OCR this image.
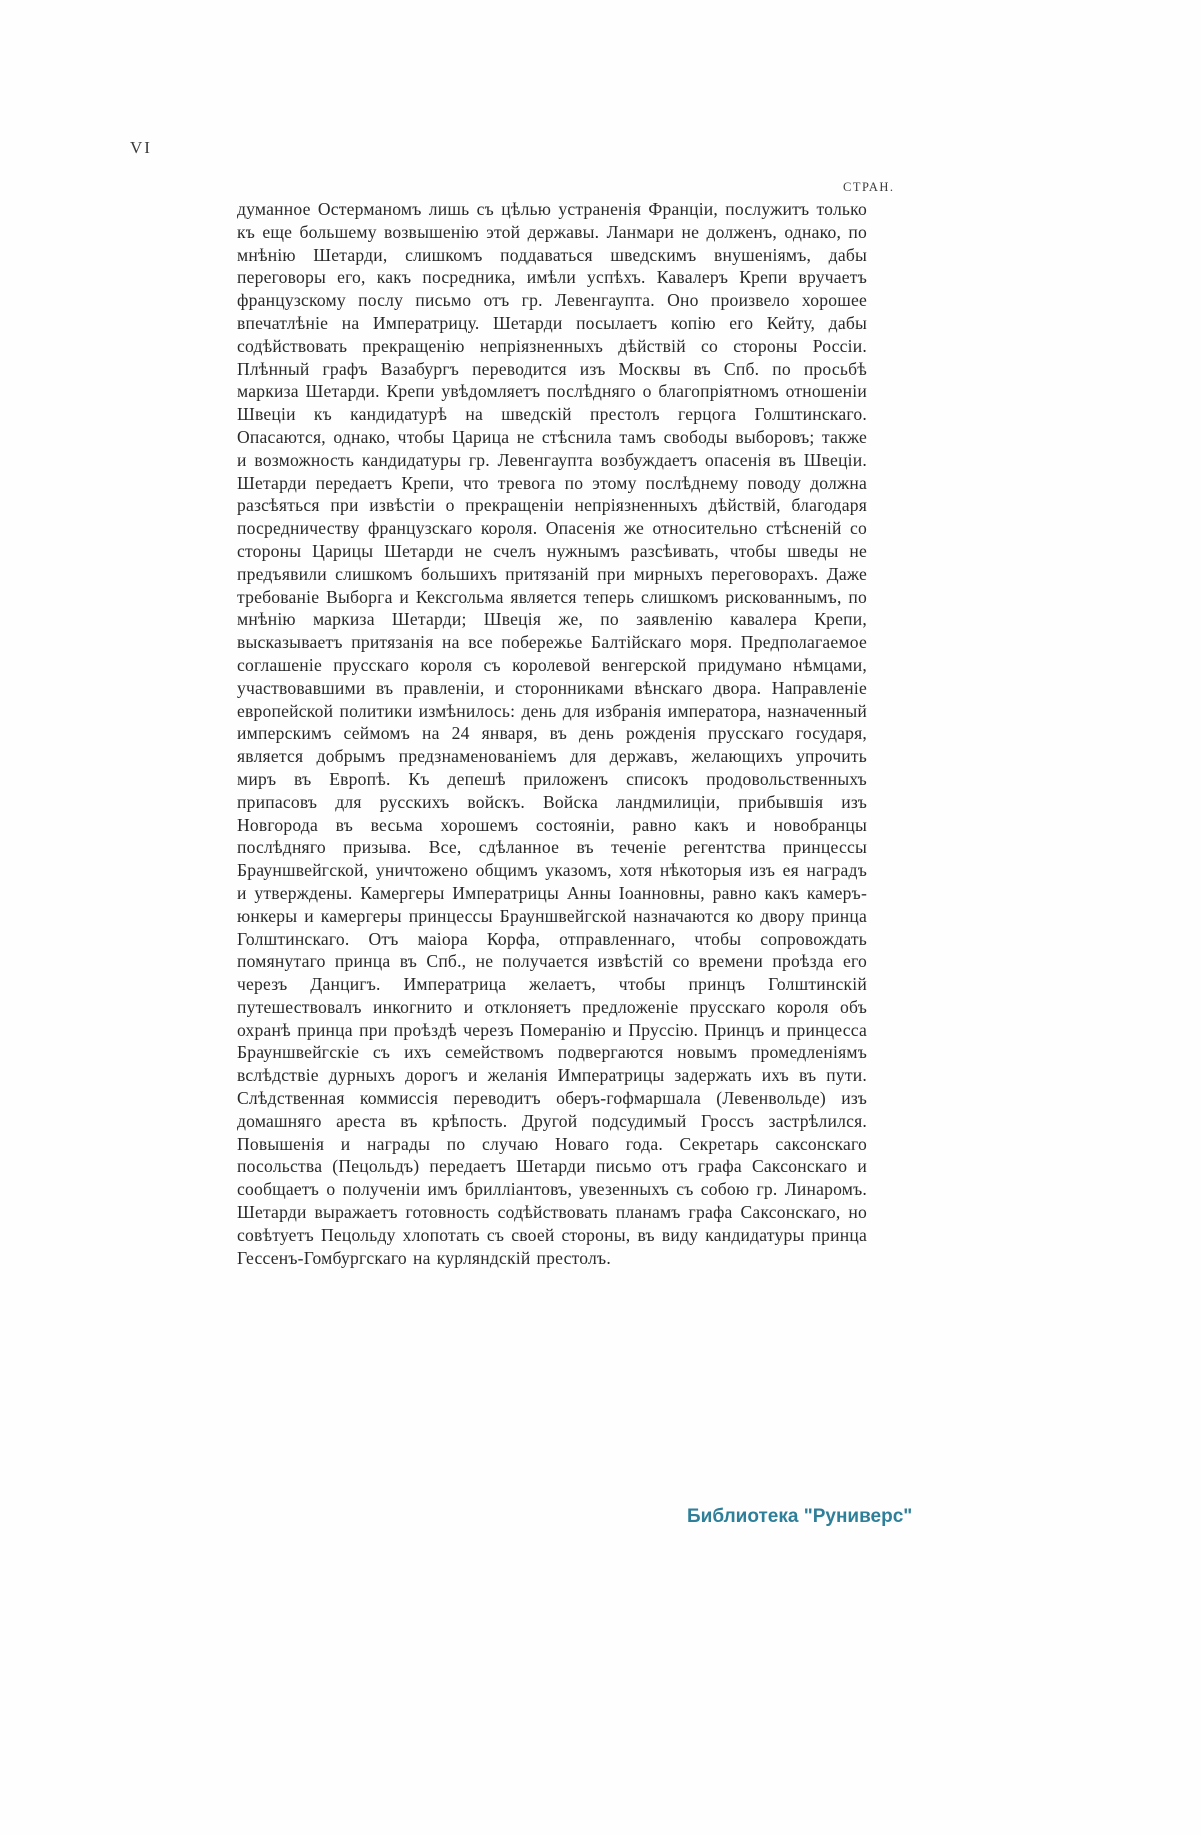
VI
СТРАН.

думанное Остерманомъ лишь съ цѣлью устраненія Франціи, послужитъ только къ еще большему возвышенію этой державы. Ланмари не долженъ, однако, по мнѣнію Шетарди, слишкомъ поддаваться шведскимъ внушеніямъ, дабы переговоры его, какъ посредника, имѣли успѣхъ. Кавалеръ Крепи вручаетъ французскому послу письмо отъ гр. Левенгаупта. Оно произвело хорошее впечатлѣніе на Императрицу. Шетарди посылаетъ копію его Кейту, дабы содѣйствовать прекращенію непріязненныхъ дѣйствій со стороны Россіи. Плѣнный графъ Вазабургъ переводится изъ Москвы въ Спб. по просьбѣ маркиза Шетарди. Крепи увѣдомляетъ послѣдняго о благопріятномъ отношеніи Швеціи къ кандидатурѣ на шведскій престолъ герцога Голштинскаго. Опасаются, однако, чтобы Царица не стѣснила тамъ свободы выборовъ; также и возможность кандидатуры гр. Левенгаупта возбуждаетъ опасенія въ Швеціи. Шетарди передаетъ Крепи, что тревога по этому послѣднему поводу должна разсѣяться при извѣстіи о прекращеніи непріязненныхъ дѣйствій, благодаря посредничеству французскаго короля. Опасенія же относительно стѣсненій со стороны Царицы Шетарди не счелъ нужнымъ разсѣивать, чтобы шведы не предъявили слишкомъ большихъ притязаній при мирныхъ переговорахъ. Даже требованіе Выборга и Кексгольма является теперь слишкомъ рискованнымъ, по мнѣнію маркиза Шетарди; Швеція же, по заявленію кавалера Крепи, высказываетъ притязанія на все побережье Балтійскаго моря. Предполагаемое соглашеніе прусскаго короля съ королевой венгерской придумано нѣмцами, участвовавшими въ правленіи, и сторонниками вѣнскаго двора. Направленіе европейской политики измѣнилось: день для избранія императора, назначенный имперскимъ сеймомъ на 24 января, въ день рожденія прусскаго государя, является добрымъ предзнаменованіемъ для державъ, желающихъ упрочить миръ въ Европѣ. Къ депешѣ приложенъ списокъ продовольственныхъ припасовъ для русскихъ войскъ. Войска ландмилиціи, прибывшія изъ Новгорода въ весьма хорошемъ состояніи, равно какъ и новобранцы послѣдняго призыва. Все, сдѣланное въ теченіе регентства принцессы Брауншвейгской, уничтожено общимъ указомъ, хотя нѣкоторыя изъ ея наградъ и утверждены. Камергеры Императрицы Анны Іоанновны, равно какъ камеръ-юнкеры и камергеры принцессы Брауншвейгской назначаются ко двору принца Голштинскаго. Отъ маіора Корфа, отправленнаго, чтобы сопровождать помянутаго принца въ Спб., не получается извѣстій со времени проѣзда его черезъ Данцигъ. Императрица желаетъ, чтобы принцъ Голштинскій путешествовалъ инкогнито и отклоняетъ предложеніе прусскаго короля объ охранѣ принца при проѣздѣ черезъ Померанію и Пруссію. Принцъ и принцесса Брауншвейгскіе съ ихъ семействомъ подвергаются новымъ промедленіямъ вслѣдствіе дурныхъ дорогъ и желанія Императрицы задержать ихъ въ пути. Слѣдственная коммиссія переводитъ оберъ-гофмаршала (Левенвольде) изъ домашняго ареста въ крѣпость. Другой подсудимый Гроссъ застрѣлился. Повышенія и награды по случаю Новаго года. Секретарь саксонскаго посольства (Пецольдъ) передаетъ Шетарди письмо отъ графа Саксонскаго и сообщаетъ о полученіи имъ брилліантовъ, увезенныхъ съ собою гр. Линаромъ. Шетарди выражаетъ готовность содѣйствовать планамъ графа Саксонскаго, но совѣтуетъ Пецольду хлопотать съ своей стороны, въ виду кандидатуры принца Гессенъ-Гомбургскаго на курляндскій престолъ.

Библиотека "Руниверс"
